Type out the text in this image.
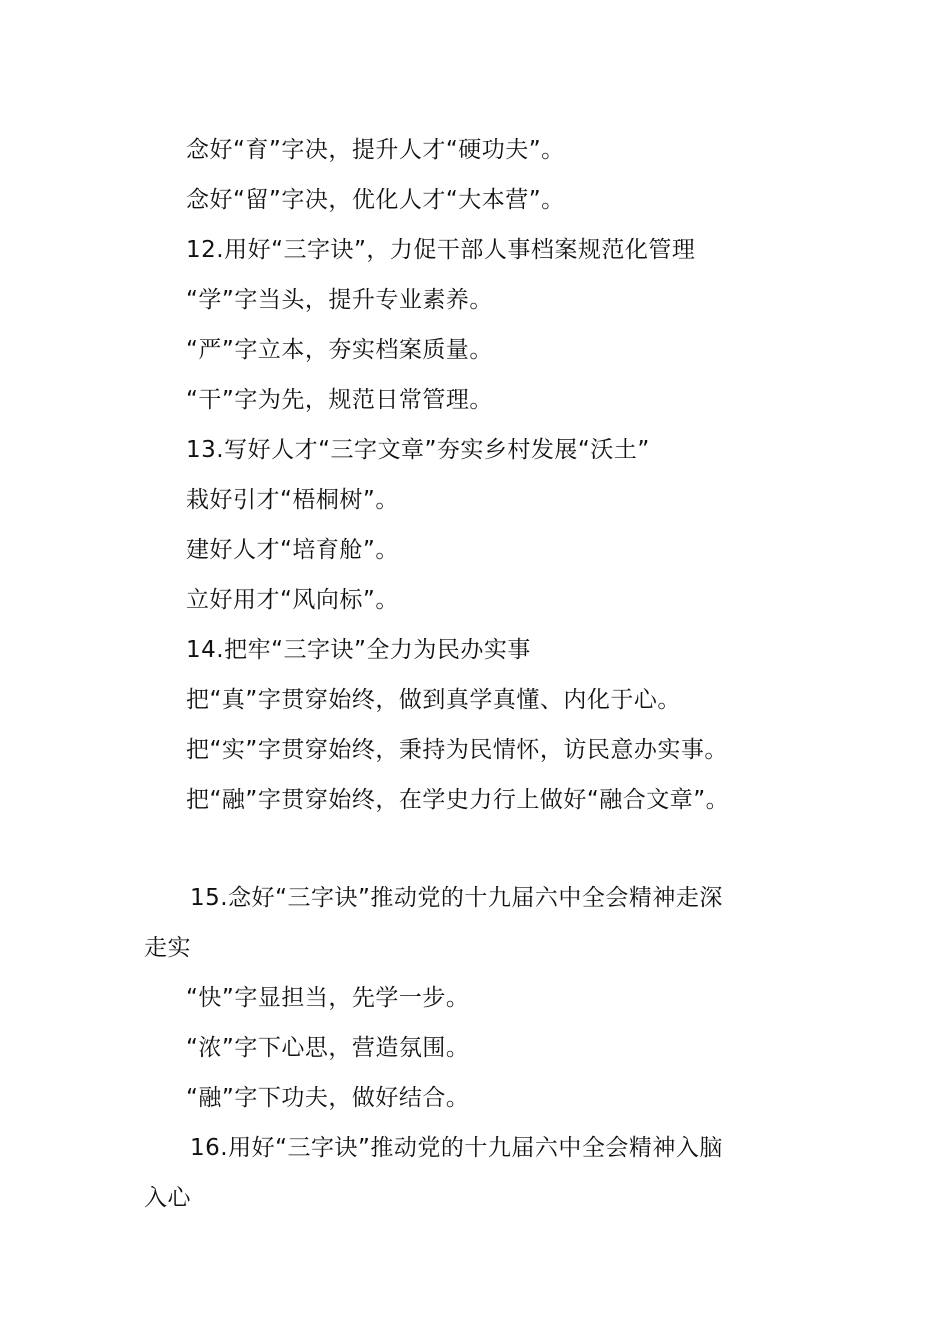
念好“育”字决，提升人才“硬功夫”。
念好“留”字决，优化人才“大本营”。
12.用好“三字诀”，力促干部人事档案规范化管理
“学”字当头，提升专业素养。
“严”字立本，夯实档案质量。
“干”字为先，规范日常管理。
13.写好人才“三字文章”夯实乡村发展“沃土”
栽好引才“梧桐树”。
建好人才“培育舱”。
立好用才“风向标”。
14.把牢“三字诀”全力为民办实事
把“真”字贯穿始终，做到真学真懂、内化于心。
把“实”字贯穿始终，秉持为民情怀，访民意办实事。
把“融”字贯穿始终，在学史力行上做好“融合文章”。
15.念好“三字诀”推动党的十九届六中全会精神走深
走实
“快”字显担当，先学一步。
“浓”字下心思，营造氛围。
“融”字下功夫，做好结合。
16.用好“三字诀”推动党的十九届六中全会精神入脑
入心
